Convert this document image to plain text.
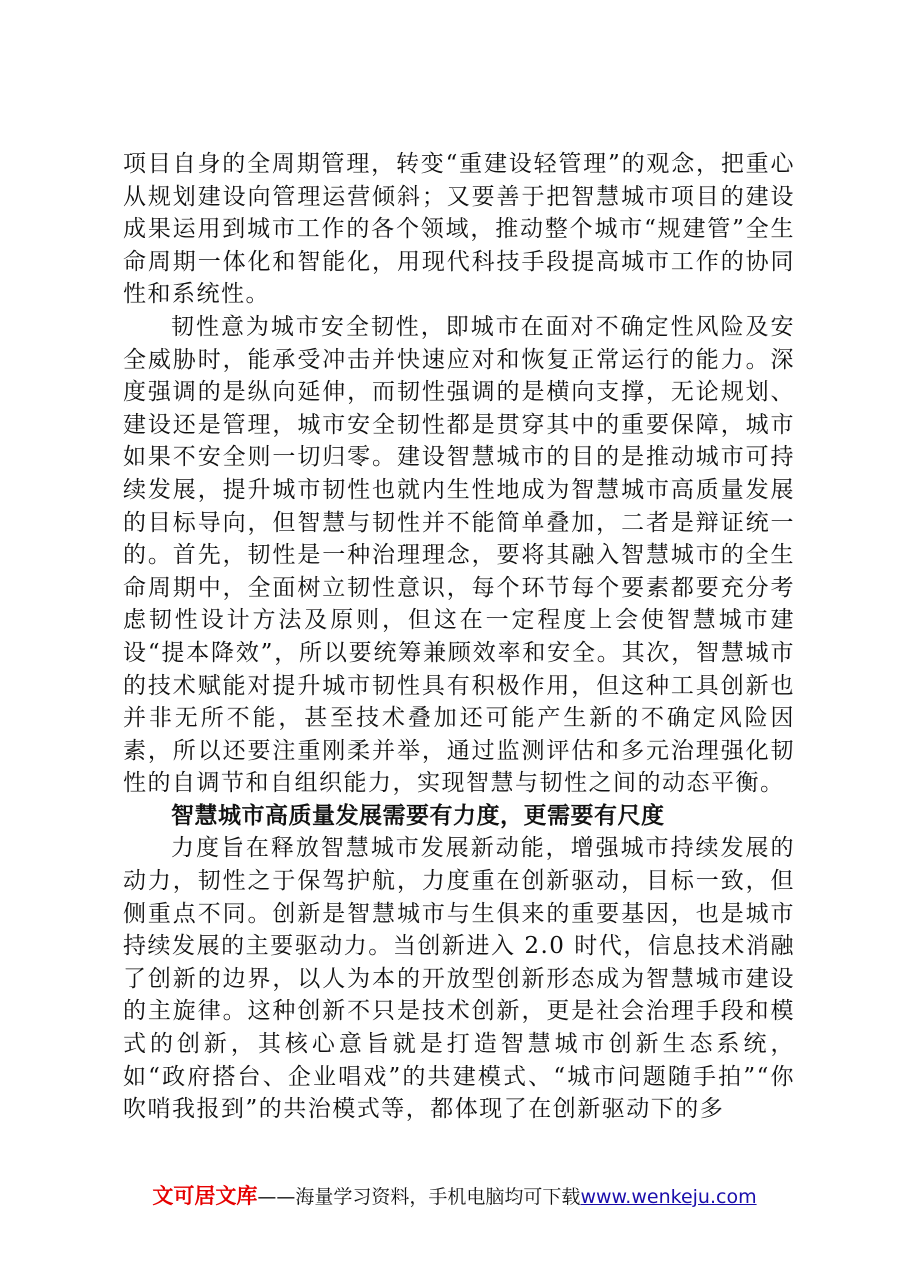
项目自身的全周期管理，转变“重建设轻管理”的观念，把重心从规划建设向管理运营倾斜；又要善于把智慧城市项目的建设成果运用到城市工作的各个领域，推动整个城市“规建管”全生命周期一体化和智能化，用现代科技手段提高城市工作的协同性和系统性。

韧性意为城市安全韧性，即城市在面对不确定性风险及安全威胁时，能承受冲击并快速应对和恢复正常运行的能力。深度强调的是纵向延伸，而韧性强调的是横向支撑，无论规划、建设还是管理，城市安全韧性都是贯穿其中的重要保障，城市如果不安全则一切归零。建设智慧城市的目的是推动城市可持续发展，提升城市韧性也就内生性地成为智慧城市高质量发展的目标导向，但智慧与韧性并不能简单叠加，二者是辩证统一的。首先，韧性是一种治理理念，要将其融入智慧城市的全生命周期中，全面树立韧性意识，每个环节每个要素都要充分考虑韧性设计方法及原则，但这在一定程度上会使智慧城市建设“提本降效”，所以要统筹兼顾效率和安全。其次，智慧城市的技术赋能对提升城市韧性具有积极作用，但这种工具创新也并非无所不能，甚至技术叠加还可能产生新的不确定风险因素，所以还要注重刚柔并举，通过监测评估和多元治理强化韧性的自调节和自组织能力，实现智慧与韧性之间的动态平衡。

智慧城市高质量发展需要有力度，更需要有尺度

力度旨在释放智慧城市发展新动能，增强城市持续发展的动力，韧性之于保驾护航，力度重在创新驱动，目标一致，但侧重点不同。创新是智慧城市与生俱来的重要基因，也是城市持续发展的主要驱动力。当创新进入 2.0 时代，信息技术消融了创新的边界，以人为本的开放型创新形态成为智慧城市建设的主旋律。这种创新不只是技术创新，更是社会治理手段和模式的创新，其核心意旨就是打造智慧城市创新生态系统，如“政府搭台、企业唱戏”的共建模式、“城市问题随手拍”“你吹哨我报到”的共治模式等，都体现了在创新驱动下的多

文可居文库——海量学习资料，手机电脑均可下载www.wenkeju.com
